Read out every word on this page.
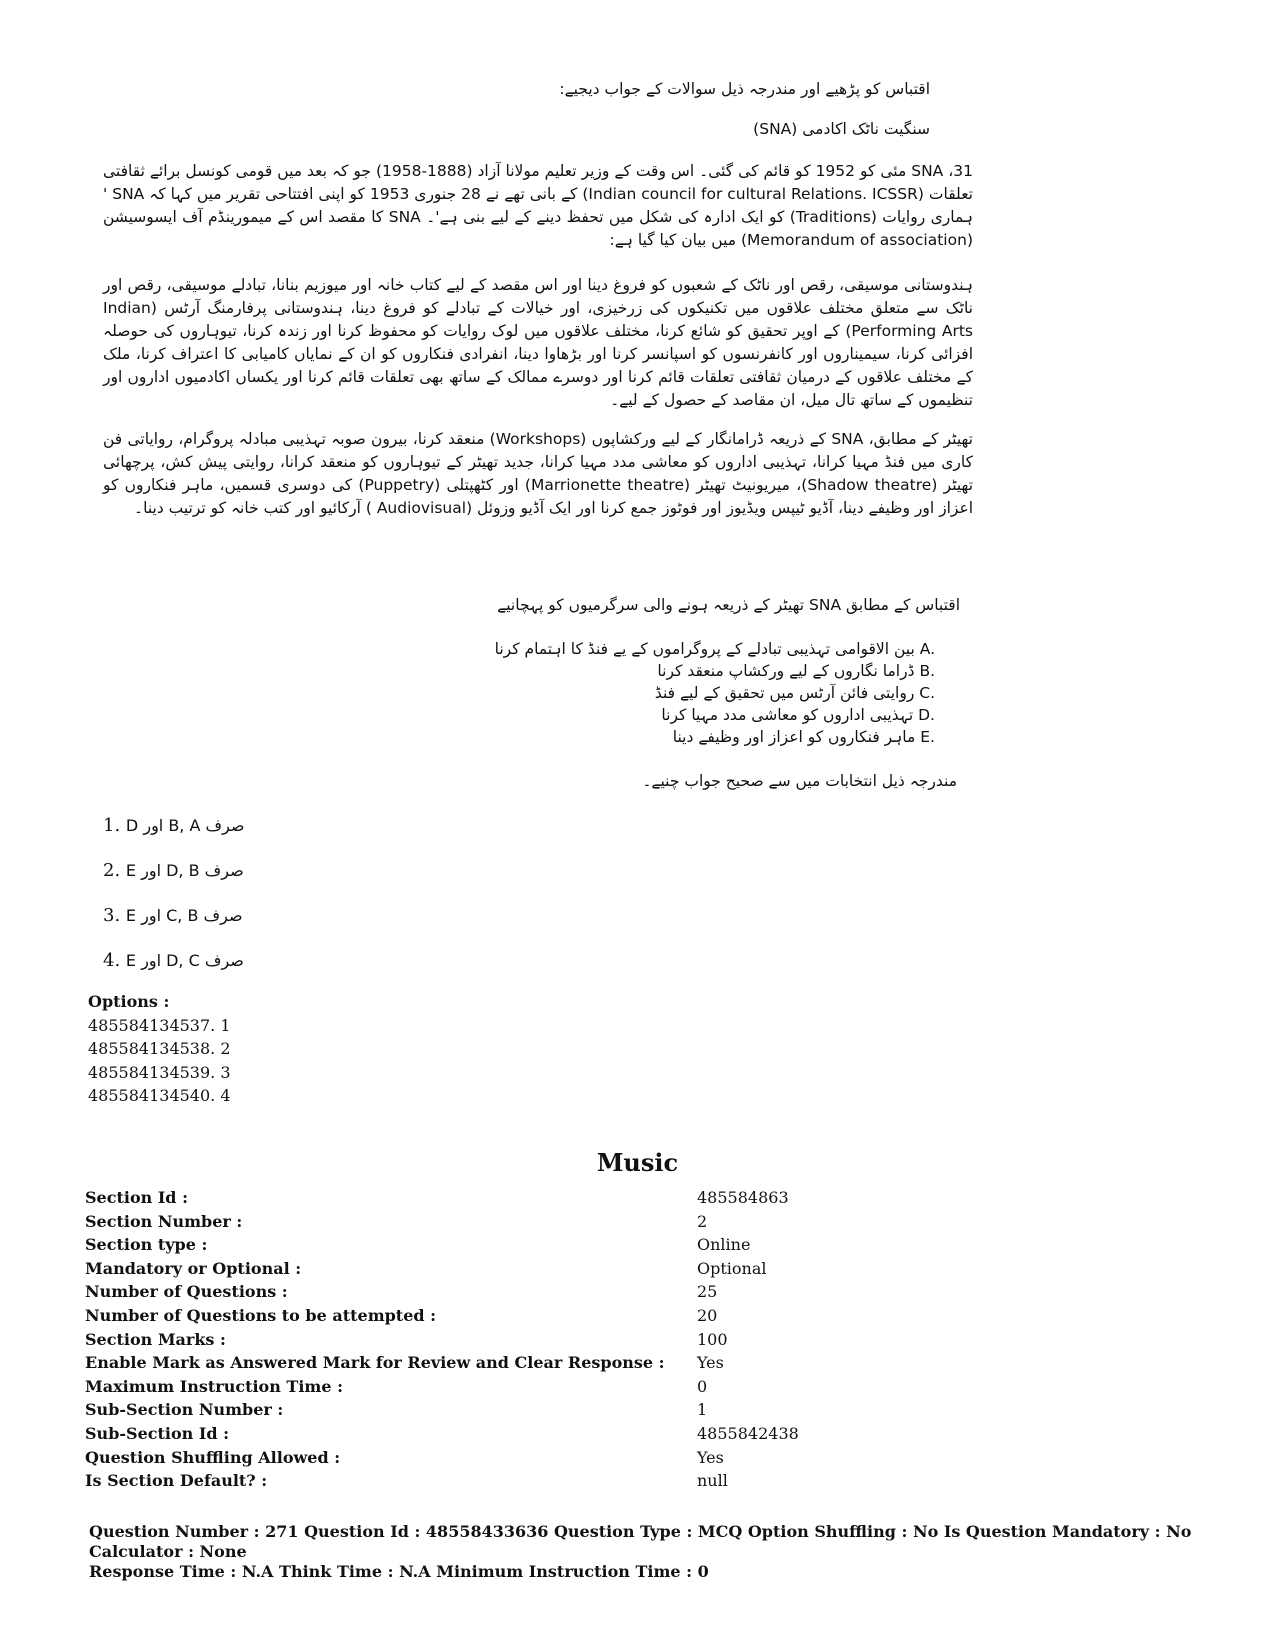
اقتباس کو پڑھیے اور مندرجہ ذیل سوالات کے جواب دیجیے:
سنگیت ناٹک اکادمی (SNA)
SNA ،31 مئی کو 1952 کو قائم کی گئی۔ اس وقت کے وزیر تعلیم مولانا آزاد (1888-1958) جو کہ بعد میں قومی کونسل برائے ثقافتی تعلقات (Indian council for cultural Relations. ICSSR) کے بانی تھے نے 28 جنوری 1953 کو اپنی افتتاحی تقریر میں کہا کہ SNA ' ہماری روایات (Traditions) کو ایک ادارہ کی شکل میں تحفظ دینے کے لیے بنی ہے'۔ SNA کا مقصد اس کے میمورینڈم آف ایسوسیشن (Memorandum of association) میں بیان کیا گیا ہے:
ہندوستانی موسیقی، رقص اور ناٹک کے شعبوں کو فروغ دینا اور اس مقصد کے لیے کتاب خانہ اور میوزیم بنانا، تبادلے موسیقی، رقص اور ناٹک سے متعلق مختلف علاقوں میں تکنیکوں کی زرخیزی، اور خیالات کے تبادلے کو فروغ دینا، ہندوستانی پرفارمنگ آرٹس (Indian Performing Arts) کے اوپر تحقیق کو شائع کرنا، مختلف علاقوں میں لوک روایات کو محفوظ کرنا اور زندہ کرنا، تیوہاروں کی حوصلہ افزائی کرنا، سیمیناروں اور کانفرنسوں کو اسپانسر کرنا اور بڑھاوا دینا، انفرادی فنکاروں کو ان کے نمایاں کامیابی کا اعتراف کرنا، ملک کے مختلف علاقوں کے درمیان ثقافتی تعلقات قائم کرنا اور دوسرے ممالک کے ساتھ بھی تعلقات قائم کرنا اور یکساں اکادمیوں اداروں اور تنظیموں کے ساتھ تال میل، ان مقاصد کے حصول کے لیے۔
تھیٹر کے مطابق، SNA کے ذریعہ ڈرامانگار کے لیے ورکشاپوں (Workshops) منعقد کرنا، بیرون صوبہ تہذیبی مبادلہ پروگرام، روایاتی فن کاری میں فنڈ مہیا کرانا، تہذیبی اداروں کو معاشی مدد مہیا کرانا، جدید تھیٹر کے تیوہاروں کو منعقد کرانا، روایتی پیش کش، پرچھائی تھیٹر (Shadow theatre)، میریونیٹ تھیٹر (Marrionette theatre) اور کٹھپتلی (Puppetry) کی دوسری قسمیں، ماہر فنکاروں کو اعزاز اور وظیفے دینا، آڈیو ٹیپس ویڈیوز اور فوٹوز جمع کرنا اور ایک آڈیو وزوئل (Audiovisual ) آرکائیو اور کتب خانہ کو ترتیب دینا۔
اقتباس کے مطابق SNA تھیٹر کے ذریعہ ہونے والی سرگرمیوں کو پہچانیے
بین الاقوامی تہذیبی تبادلے کے پروگراموں کے یے فنڈ کا اہتمام کرنا A.
ڈراما نگاروں کے لیے ورکشاپ منعقد کرنا B.
روایتی فائن آرٹس میں تحقیق کے لیے فنڈ C.
تہذیبی اداروں کو معاشی مدد مہیا کرنا D.
ماہر فنکاروں کو اعزاز اور وظیفے دینا E.
مندرجہ ذیل انتخابات میں سے صحیح جواب چنیے۔
1. صرف B, A اور D
2. صرف D, B اور E
3. صرف C, B اور E
4. صرف D, C اور E
Options :
485584134537. 1
485584134538. 2
485584134539. 3
485584134540. 4
Music
Section Id :	485584863
Section Number :	2
Section type :	Online
Mandatory or Optional :	Optional
Number of Questions :	25
Number of Questions to be attempted :	20
Section Marks :	100
Enable Mark as Answered Mark for Review and Clear Response :	Yes
Maximum Instruction Time :	0
Sub-Section Number :	1
Sub-Section Id :	4855842438
Question Shuffling Allowed :	Yes
Is Section Default? :	null
Question Number : 271 Question Id : 48558433636 Question Type : MCQ Option Shuffling : No Is Question Mandatory : No Calculator : None
Response Time : N.A Think Time : N.A Minimum Instruction Time : 0
